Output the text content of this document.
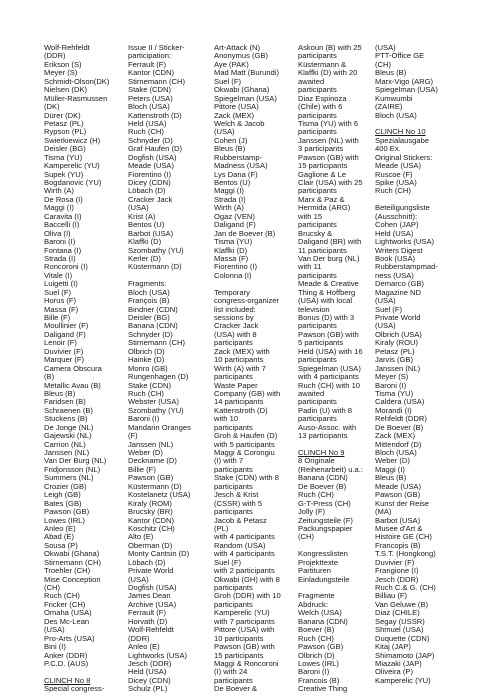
Wolf-Rehfeldt
(DDR)
Erikson (S)
Meyer (S)
Schmidt-Olson(DK)
Nielsen (DK)
Müller-Rasmussen
(DK)
Dürer (DK)
Petasz (PL)
Rypson (PL)
Swierkiewicz (H)
Deisler (BG)
Tisma (YU)
Kamperelic (YU)
Supek (YU)
Bogdanovic (YU)
Wirth (A)
De Rosa (I)
Maggi (I)
Caravita (I)
Baccelli (I)
Oliva (I)
Baroni (I)
Fontana (I)
Strada (I)
Roncoroni (I)
Vitale (I)
Luigetti (I)
Suel (F)
Horus (F)
Massa (F)
Bille (F)
Moullinier (F)
Daligand (F)
Lenoir (F)
Duvivier (F)
Marquer (F)
Camera Obscura
(B)
Metallic Avau (B)
Bleus (B)
Faridsen (B)
Schraenen (B)
Stuckens (B)
De Jonge (NL)
Gajewski (NL)
Carrion (NL)
Janssen (NL)
Van Der Burg (NL)
Fridjonsson (NL)
Summers (NL)
Crozier (GB)
Leigh (GB)
Bates (GB)
Pawson (GB)
Lowes (IRL)
Anleo (E)
Abad (E)
Sousa (P)
Okwabi (Ghana)
Stirnemann (CH)
Troehler (CH)
Mise Conception
(CH)
Ruch (CH)
Fricker (CH)
Omaha (USA)
Des Mc-Lean
(USA)
Pro-Arts (USA)
Bini (I)
Anker (DDR)
P.C.D. (AUS)
CLINCH No 8
Special congress-
Issue II / Sticker-
participation:
Ferrault (F)
Kantor (CDN)
Stirnemann (CH)
Stake (CDN)
Peters (USA)
Bloch (USA)
Kattenstroth (D)
Held (USA)
Ruch (CH)
Schnyder (D)
Graf Haufen (D)
Dogfish (USA)
Meade (USA)
Fiorentino (I)
Dicey (CDN)
Löbach (D)
Cracker Jack
(USA)
Krist (A)
Bentos (U)
Barbot (USA)
Klaffki (D)
Szombathy (YU)
Kerler (D)
Küstermann (D)
Fragments:
Bloch (USA)
François (B)
Bindner (CDN)
Deisler (BG)
Banana (CDN)
Schnyder (D)
Stirnemann (CH)
Olbrich (D)
Hainke (D)
Monro (GB)
Rungenhagen (D)
Stake (CDN)
Ruch (CH)
Webster (USA)
Szombathy (YU)
Baroni (I)
Mandarin Oranges
(F)
Janssen (NL)
Weber (D)
Deckname (D)
Billie (F)
Pawson (GB)
Küstermann (D)
Kostelanetz (USA)
Kiraly (ROM)
Brucsky (BR)
Kantor (CDN)
Koschitz (CH)
Alto (E)
Oberman (D)
Monty Cantsin (D)
Löbach (D)
Private World
(USA)
Dogfish (USA)
James Dean
Archive (USA)
Ferrault (F)
Horvath (D)
Wolf-Rehfeldt
(DDR)
Anleo (E)
Lightworks (USA)
Jesch (DDR)
Held (USA)
Dicey (CDN)
Schulz (PL)
Art-Attack (N)
Anonymus (GB)
Aye (PAK)
Mad Matt (Burundi)
Suel (F)
Okwabi (Ghana)
Spiegelman (USA)
Pittore (USA)
Zack (MEX)
Welch & Jacob
(USA)
Cohen (J)
Bleus (B)
Rubberstamp-
Madness (USA)
Lys Dana (F)
Bentos (U)
Maggi (I)
Strada (I)
Wirth (A)
Ogaz (VEN)
Daligand (F)
Jan de Boever (B)
Tisma (YU)
Klaffki (D)
Massa (F)
Fiorentino (I)
Colonna (I)
Temporary
congress-organizer
list included:
sessions by
Cracker Jack
(USA) with 8
participants
Zack (MEX) with
10 participants
Wirth (A) with 7
participants
Waste Paper
Company (GB) with
14 participants
Kattenstroth (D)
with 10
participants
Groh & Haufen (D)
with 5 participants
Maggi & Corongiu
(I) with 7
participants
Stake (CDN) with 8
participants
Jesch & Krist
(CSSR) with 5
participants
Jacob & Petasz
(PL)
with 4 participants
Random (USA)
with 4 participants
Suel (F)
with 2 participants
Okwabi (GH) with 8
participants
Groh (DDR) with 10
participants
Kamperelic (YU)
with 7 participants
Pittore (USA) with
10 participants
Pawson (GB) with
15 participants
Maggi & Roncoroni
(I) with 24
participants
De Boever &
Askoun (B) with 25
participants
Küstermann &
Klaffki (D) with 20
awaited
participants
Diaz Espinoza
(Chile) with 6
participants
Tisma (YU) with 6
participants
Janssen (NL) with
3 participants
Pawson (GB) with
15 participants
Gaglione & Le
Clair (USA) with 25
participants
Marx & Paz &
Hermida (ARG)
with 15
participants
Brucsky &
Daligand (BR) with
11 participants
Van Der burg (NL)
with 11
participants
Meade & Creative
Thing & Hoffberg
(USA) with local
television
Bonus (D) with 3
participants
Pawson (GB) with
5 participants
Held (USA) with 16
participants
Spiegelman (USA)
with 4 participants
Ruch (CH) with 10
awaited
participants
Padin (U) with 8
participants
Auso-Assoc. with
13 participants
CLINCH No 9
8 Originale
(Reihenarbeit) u.a.:
Banana (CDN)
De Boever (B)
Ruch (CH)
G-T-Press (CH)
Jolly (F)
Zeitungsteile (F)
Packungspapier
(CH)
Kongresslisten
Projekttexte
Partituren
Einladungsteile
Fragmente
Abdruck:
Welch (USA)
Banana (CDN)
Boever (B)
Ruch (CH)
Pawson (GB)
Olbrich (D)
Lowes (IRL)
Baroni (I)
Francois (B)
Creative Thing
(USA)
PTT-Office GE
(CH)
Bleus (B)
Marx-Vigo (ARG)
Spiegelman (USA)
Kumwumbi
(ZAIRE)
Bloch (USA)
CLINCH No 10
Spezialausgabe
400 Ex.
Original Stickers:
Meade (USA)
Ruscoe (F)
Spike (USA)
Ruch (CH)
Beteiligungsliste
(Ausschnitt):
Cohen (JAP)
Held (USA)
Lightworks (USA)
Writers Digest
Book (USA)
Rubberstampmad-
ness (USA)
Demarco (GB)
Magazine ND
(USA)
Suel (F)
Private World
(USA)
Olbrich (USA)
Kiraly (ROU)
Petasz (PL)
Jarvis (GB)
Janssen (NL)
Meyer (S)
Baroni (I)
Tisma (YU)
Caldera (USA)
Morandi (I)
Rehfeldt (DDR)
De Boever (B)
Zack (MEX)
Mittendorf (D)
Bloch (USA)
Weber (D)
Maggi (I)
Bleus (B)
Meade (USA)
Pawson (GB)
Kunst der Reise
(MA)
Barbot (USA)
Musee d'Art &
Histoire GE (CH)
Francopis (B)
T.S.T. (Hongkong)
Duvivier (F)
Frangione (I)
Jesch (DDR)
Ruch C.& G. (CH)
Billiau (F)
Van Geluwe (B)
Diaz (CHILE)
Segay (USSR)
Shmuel (USA)
Duquette (CDN)
Kitaj (JAP)
Shimamoto (JAP)
Miazaki (JAP)
Oliveira (P)
Kamperelic (YU)
